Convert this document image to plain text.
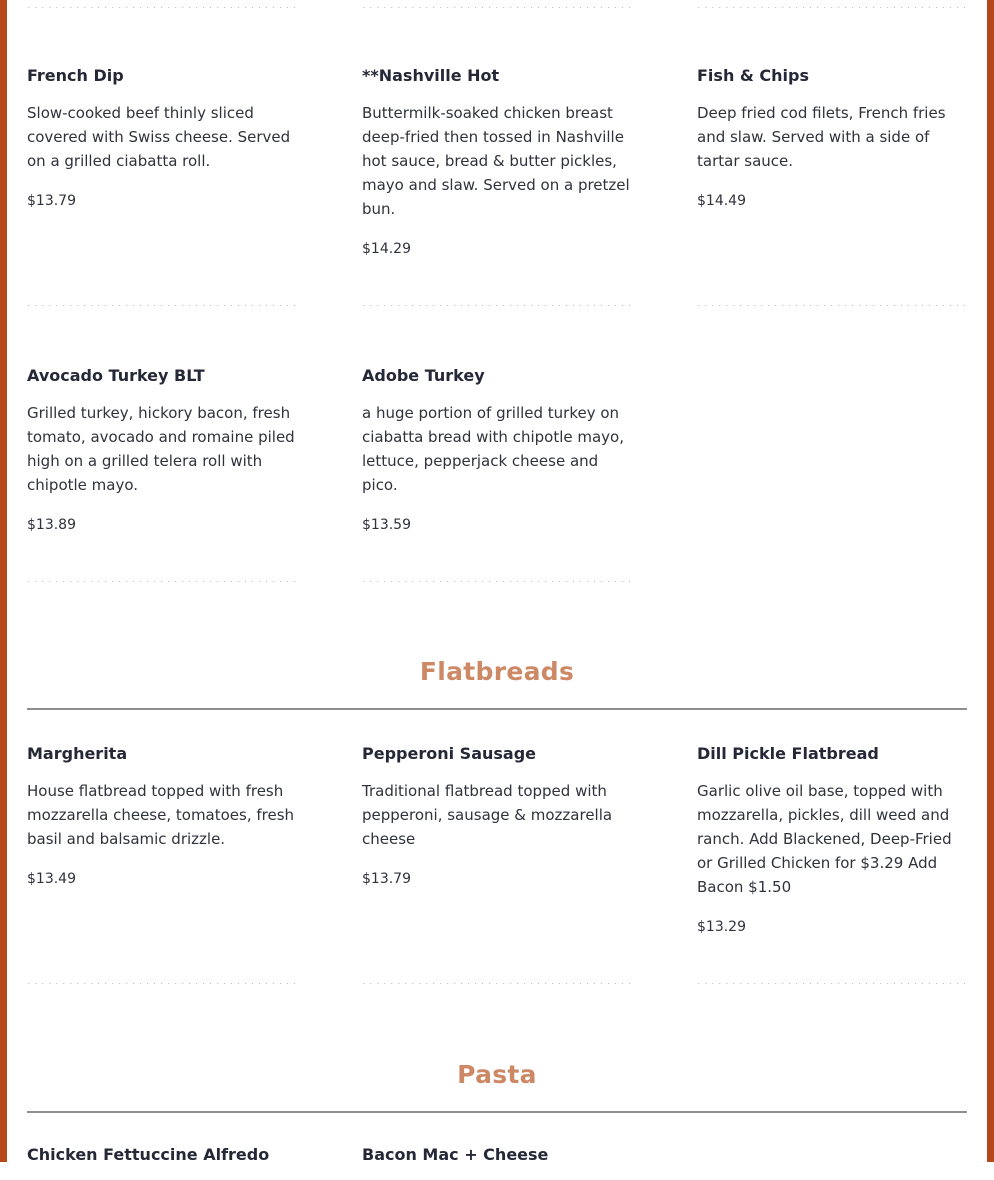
. . .
. . .
. . .

French Dip

Slow-cooked beef thinly sliced covered with Swiss cheese. Served on a grilled ciabatta roll.

$13.79

**Nashville Hot

Buttermilk-soaked chicken breast deep-fried then tossed in Nashville hot sauce, bread & butter pickles, mayo and slaw. Served on a pretzel bun.

$14.29

Fish & Chips

Deep fried cod filets, French fries and slaw. Served with a side of tartar sauce.

$14.49
. . .
. . .
. . .

Avocado Turkey BLT

Grilled turkey, hickory bacon, fresh tomato, avocado and romaine piled high on a grilled telera roll with chipotle mayo.

$13.89

Adobe Turkey

a huge portion of grilled turkey on ciabatta bread with chipotle mayo, lettuce, pepperjack cheese and pico.

$13.59
. . .
. . .
Flatbreads

Margherita

House flatbread topped with fresh mozzarella cheese, tomatoes, fresh basil and balsamic drizzle.

$13.49

Pepperoni Sausage

Traditional flatbread topped with pepperoni, sausage & mozzarella cheese

$13.79

Dill Pickle Flatbread

Garlic olive oil base, topped with mozzarella, pickles, dill weed and ranch. Add Blackened, Deep-Fried or Grilled Chicken for $3.29 Add Bacon $1.50

$13.29
. . .
. . .
. . .
Pasta

Chicken Fettuccine Alfredo	Bacon Mac + Cheese
